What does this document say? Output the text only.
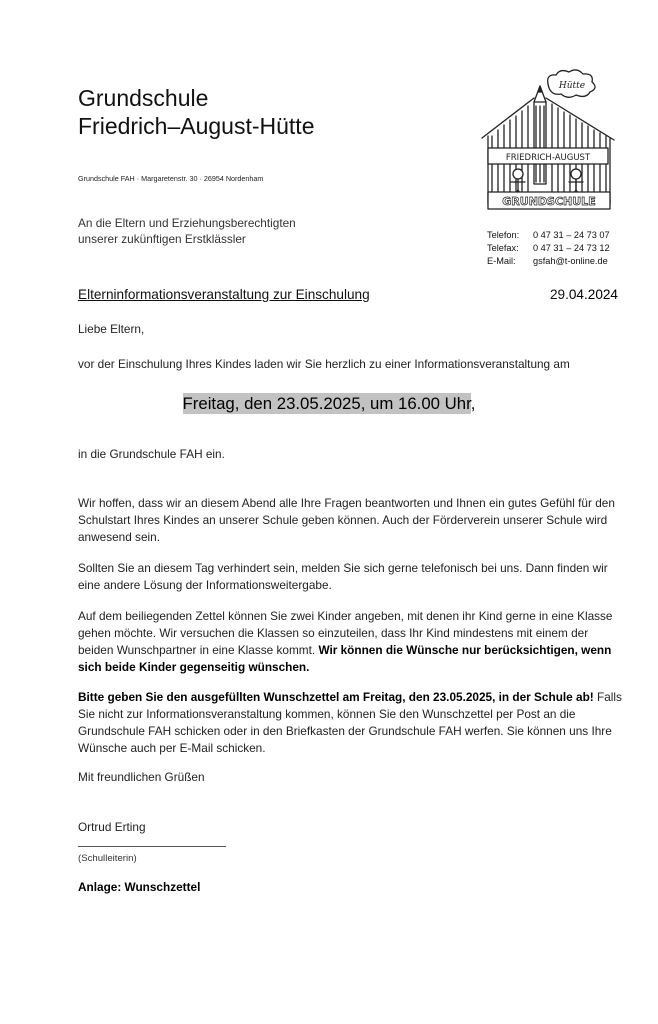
Grundschule
Friedrich–August-Hütte
Grundschule FAH · Margaretenstr. 30 · 26954 Nordenham
Hütte
FRIEDRICH-AUGUST
GRUNDSCHULE
An die Eltern und Erziehungsberechtigten
unserer zukünftigen Erstklässler	Telefon: 0 47 31 – 24 73 07
Telefax: 0 47 31 – 24 73 12
E-Mail: gsfah@t-online.de
Elterninformationsveranstaltung zur Einschulung	29.04.2024
Liebe Eltern,
vor der Einschulung Ihres Kindes laden wir Sie herzlich zu einer Informationsveranstaltung am
Freitag, den 23.05.2025, um 16.00 Uhr,
in die Grundschule FAH ein.
Wir hoffen, dass wir an diesem Abend alle Ihre Fragen beantworten und Ihnen ein gutes Gefühl für den Schulstart Ihres Kindes an unserer Schule geben können. Auch der Förderverein unserer Schule wird anwesend sein.
Sollten Sie an diesem Tag verhindert sein, melden Sie sich gerne telefonisch bei uns. Dann finden wir eine andere Lösung der Informationsweitergabe.
Auf dem beiliegenden Zettel können Sie zwei Kinder angeben, mit denen ihr Kind gerne in eine Klasse gehen möchte. Wir versuchen die Klassen so einzuteilen, dass Ihr Kind mindestens mit einem der beiden Wunschpartner in eine Klasse kommt. Wir können die Wünsche nur berücksichtigen, wenn sich beide Kinder gegenseitig wünschen.
Bitte geben Sie den ausgefüllten Wunschzettel am Freitag, den 23.05.2025, in der Schule ab! Falls Sie nicht zur Informationsveranstaltung kommen, können Sie den Wunschzettel per Post an die Grundschule FAH schicken oder in den Briefkasten der Grundschule FAH werfen. Sie können uns Ihre Wünsche auch per E-Mail schicken.
Mit freundlichen Grüßen
Ortrud Erting
(Schulleiterin)
Anlage: Wunschzettel
